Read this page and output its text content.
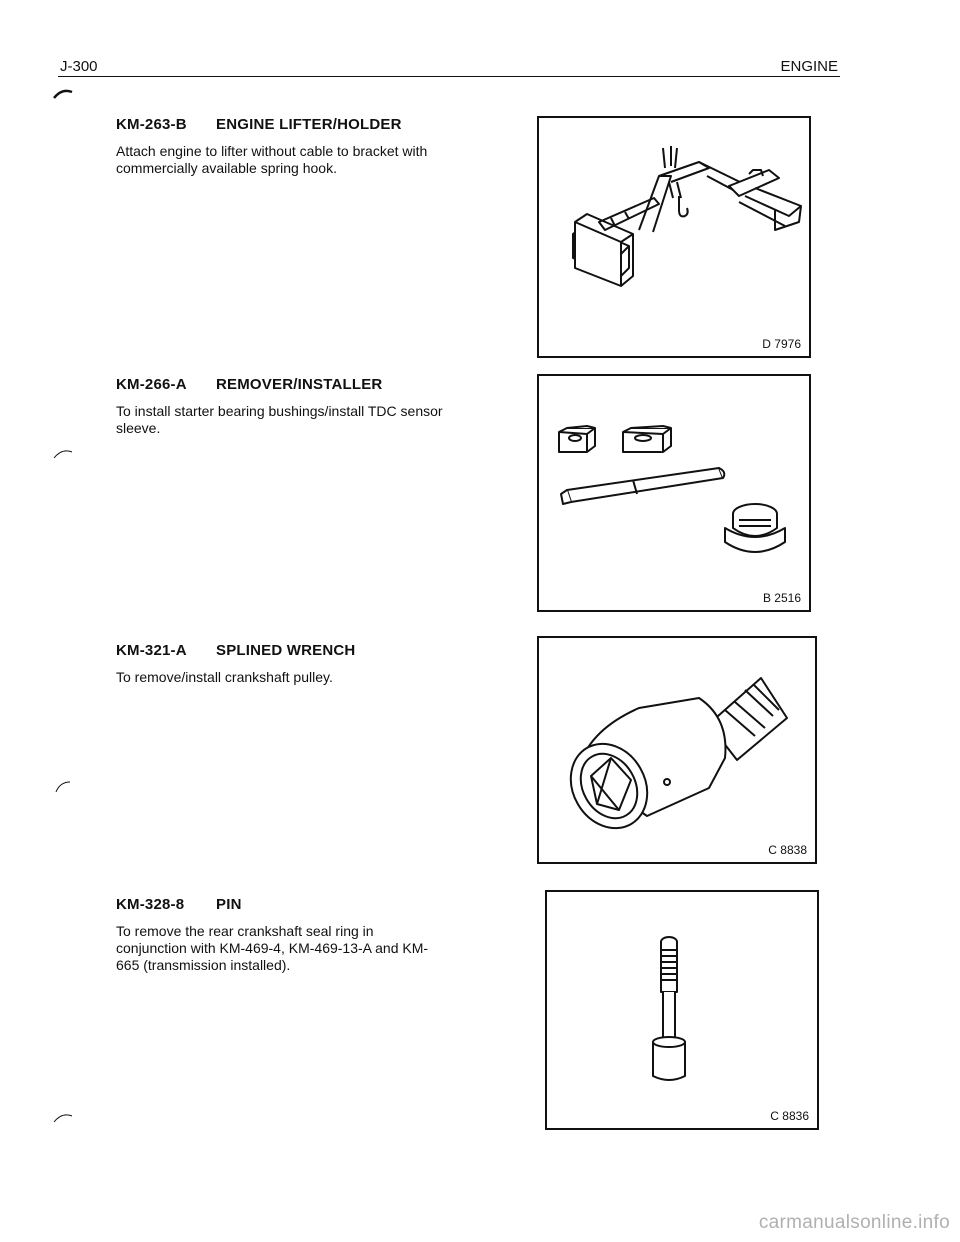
J-300	ENGINE

KM-263-B ENGINE LIFTER/HOLDER

Attach engine to lifter without cable to bracket with commercially available spring hook.

D 7976

KM-266-A REMOVER/INSTALLER

To install starter bearing bushings/install TDC sensor sleeve.

B 2516

KM-321-A SPLINED WRENCH

To remove/install crankshaft pulley.

C 8838

KM-328-8 PIN

To remove the rear crankshaft seal ring in conjunction with KM-469-4, KM-469-13-A and KM-665 (transmission installed).

C 8836
carmanualsonline.info
